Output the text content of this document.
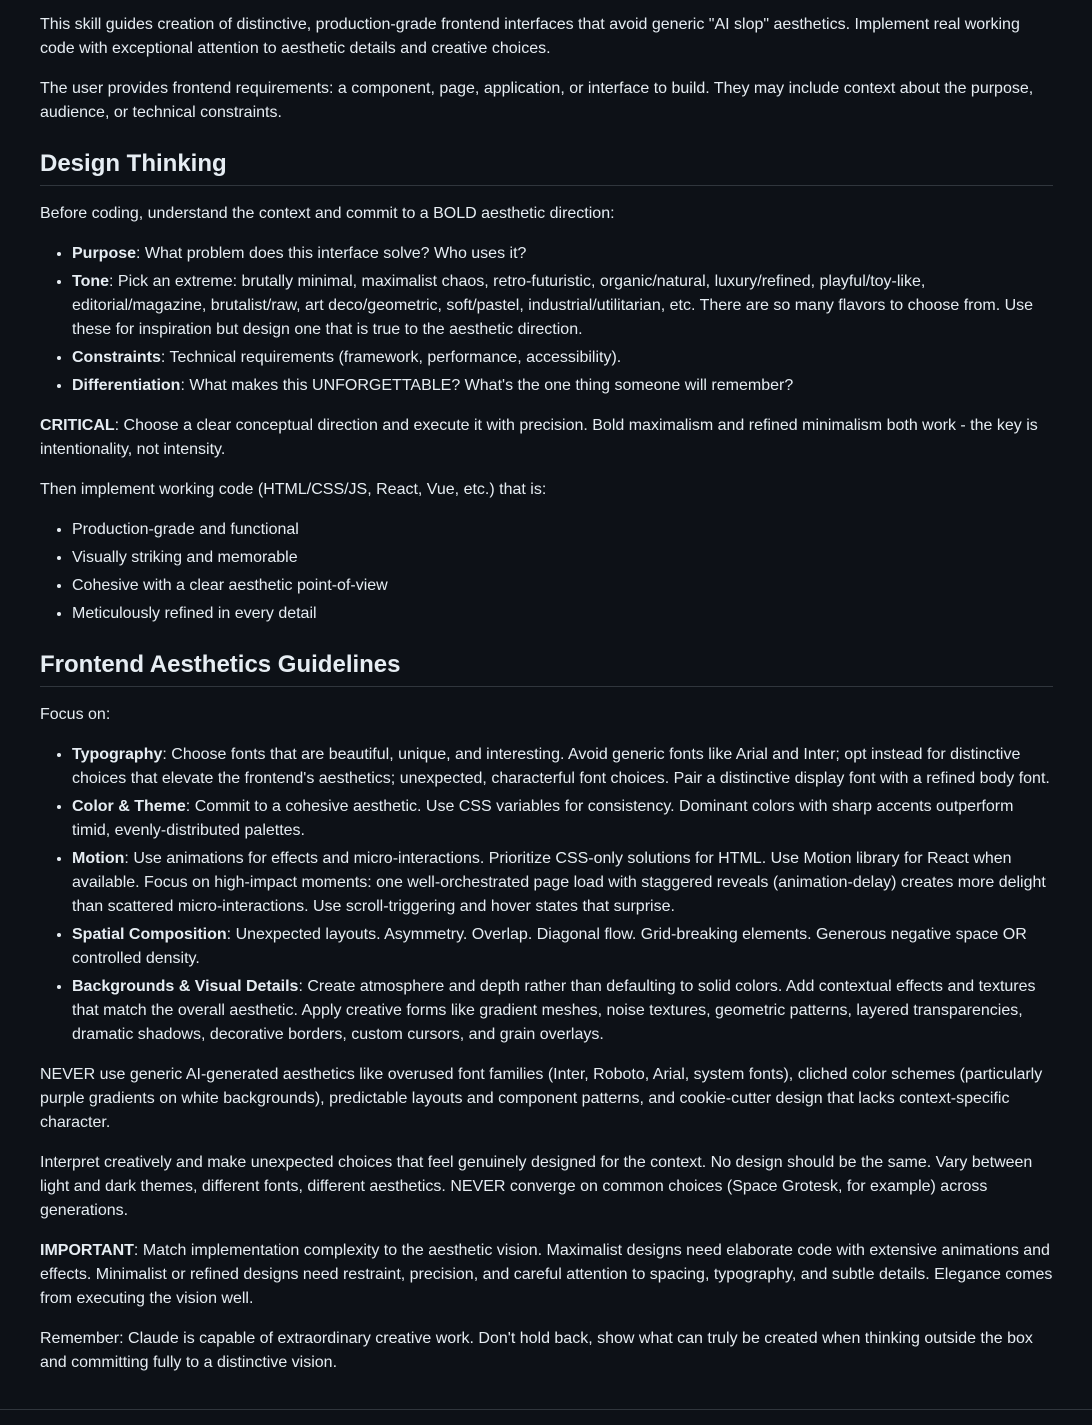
This skill guides creation of distinctive, production-grade frontend interfaces that avoid generic "AI slop" aesthetics. Implement real working code with exceptional attention to aesthetic details and creative choices.

The user provides frontend requirements: a component, page, application, or interface to build. They may include context about the purpose, audience, or technical constraints.

Design Thinking

Before coding, understand the context and commit to a BOLD aesthetic direction:

• Purpose: What problem does this interface solve? Who uses it?
• Tone: Pick an extreme: brutally minimal, maximalist chaos, retro-futuristic, organic/natural, luxury/refined, playful/toy-like, editorial/magazine, brutalist/raw, art deco/geometric, soft/pastel, industrial/utilitarian, etc. There are so many flavors to choose from. Use these for inspiration but design one that is true to the aesthetic direction.
• Constraints: Technical requirements (framework, performance, accessibility).
• Differentiation: What makes this UNFORGETTABLE? What's the one thing someone will remember?

CRITICAL: Choose a clear conceptual direction and execute it with precision. Bold maximalism and refined minimalism both work - the key is intentionality, not intensity.

Then implement working code (HTML/CSS/JS, React, Vue, etc.) that is:

• Production-grade and functional
• Visually striking and memorable
• Cohesive with a clear aesthetic point-of-view
• Meticulously refined in every detail
Frontend Aesthetics Guidelines

Focus on:

• Typography: Choose fonts that are beautiful, unique, and interesting. Avoid generic fonts like Arial and Inter; opt instead for distinctive choices that elevate the frontend's aesthetics; unexpected, characterful font choices. Pair a distinctive display font with a refined body font.
• Color & Theme: Commit to a cohesive aesthetic. Use CSS variables for consistency. Dominant colors with sharp accents outperform timid, evenly-distributed palettes.
• Motion: Use animations for effects and micro-interactions. Prioritize CSS-only solutions for HTML. Use Motion library for React when available. Focus on high-impact moments: one well-orchestrated page load with staggered reveals (animation-delay) creates more delight than scattered micro-interactions. Use scroll-triggering and hover states that surprise.
• Spatial Composition: Unexpected layouts. Asymmetry. Overlap. Diagonal flow. Grid-breaking elements. Generous negative space OR controlled density.
• Backgrounds & Visual Details: Create atmosphere and depth rather than defaulting to solid colors. Add contextual effects and textures that match the overall aesthetic. Apply creative forms like gradient meshes, noise textures, geometric patterns, layered transparencies, dramatic shadows, decorative borders, custom cursors, and grain overlays.

NEVER use generic AI-generated aesthetics like overused font families (Inter, Roboto, Arial, system fonts), cliched color schemes (particularly purple gradients on white backgrounds), predictable layouts and component patterns, and cookie-cutter design that lacks context-specific character.

Interpret creatively and make unexpected choices that feel genuinely designed for the context. No design should be the same. Vary between light and dark themes, different fonts, different aesthetics. NEVER converge on common choices (Space Grotesk, for example) across generations.

IMPORTANT: Match implementation complexity to the aesthetic vision. Maximalist designs need elaborate code with extensive animations and effects. Minimalist or refined designs need restraint, precision, and careful attention to spacing, typography, and subtle details. Elegance comes from executing the vision well.

Remember: Claude is capable of extraordinary creative work. Don't hold back, show what can truly be created when thinking outside the box and committing fully to a distinctive vision.
